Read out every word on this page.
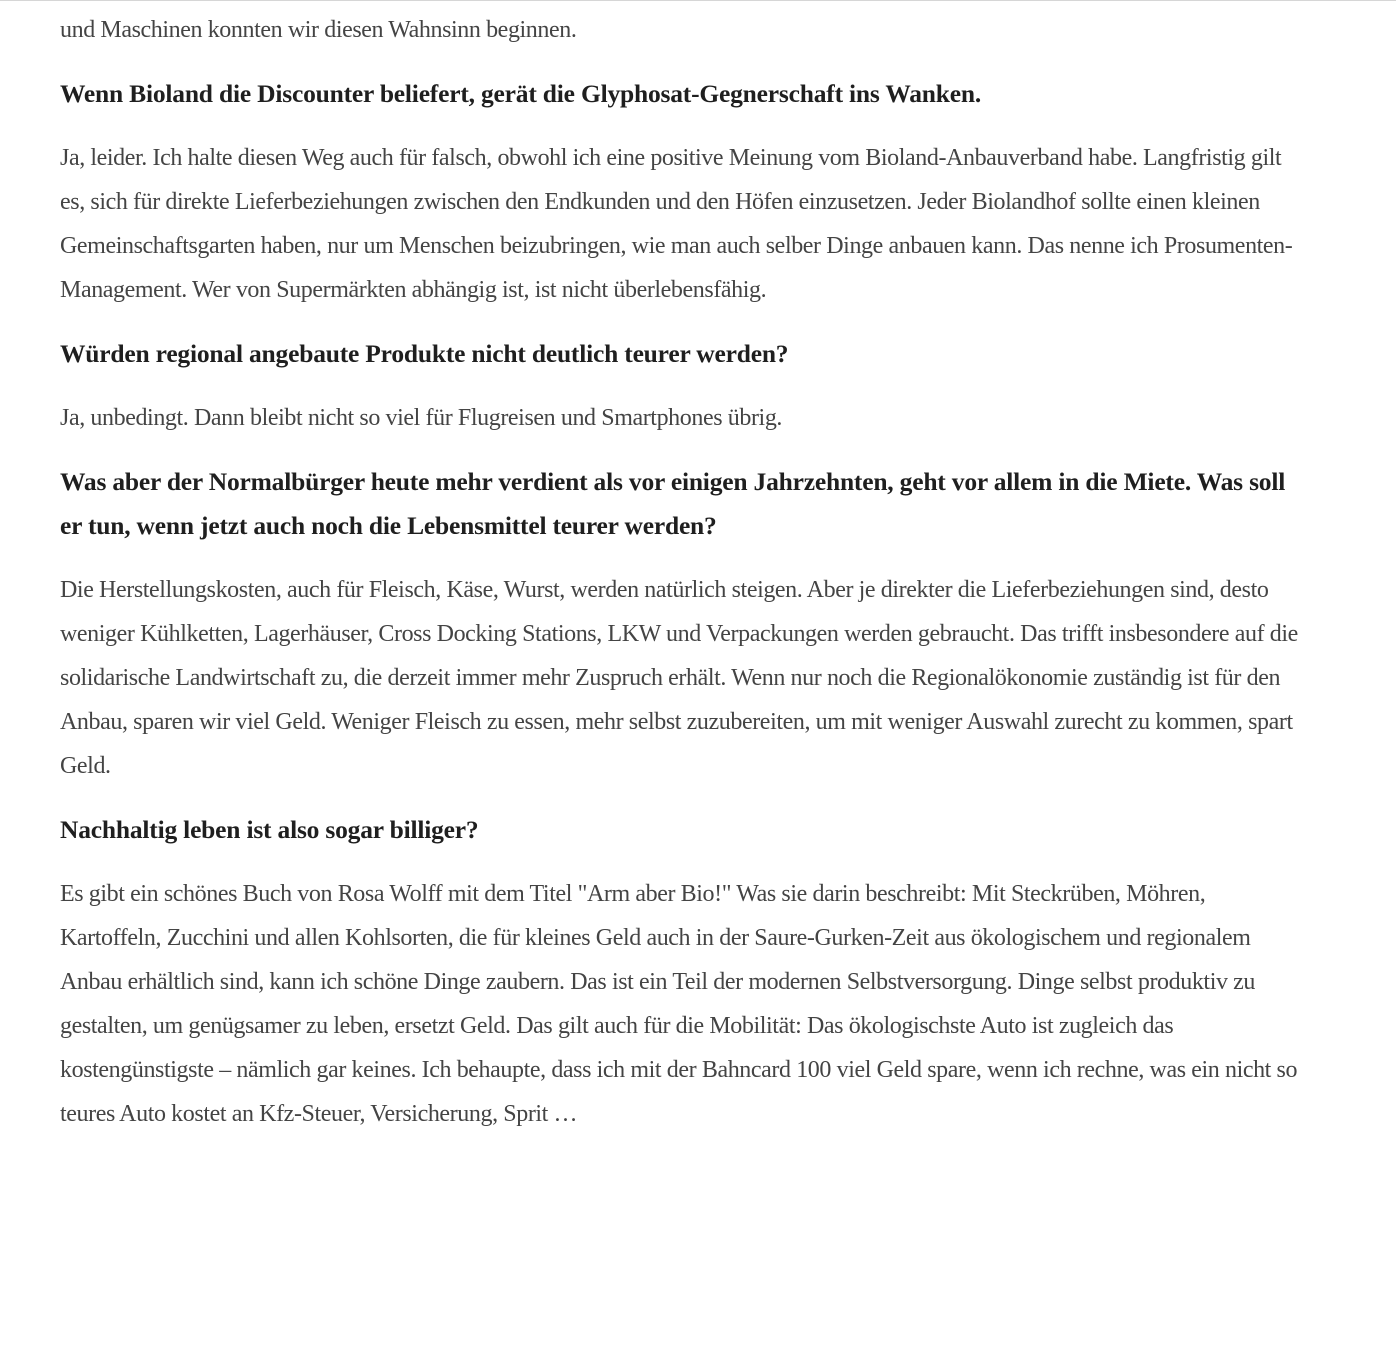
und Maschinen konnten wir diesen Wahnsinn beginnen.

Wenn Bioland die Discounter beliefert, gerät die Glyphosat-Gegnerschaft ins Wanken.

Ja, leider. Ich halte diesen Weg auch für falsch, obwohl ich eine positive Meinung vom Bioland-Anbauverband habe. Langfristig gilt es, sich für direkte Lieferbeziehungen zwischen den Endkunden und den Höfen einzusetzen. Jeder Biolandhof sollte einen kleinen Gemeinschaftsgarten haben, nur um Menschen beizubringen, wie man auch selber Dinge anbauen kann. Das nenne ich Prosumenten-Management. Wer von Supermärkten abhängig ist, ist nicht überlebensfähig.

Würden regional angebaute Produkte nicht deutlich teurer werden?

Ja, unbedingt. Dann bleibt nicht so viel für Flugreisen und Smartphones übrig.

Was aber der Normalbürger heute mehr verdient als vor einigen Jahrzehnten, geht vor allem in die Miete. Was soll er tun, wenn jetzt auch noch die Lebensmittel teurer werden?

Die Herstellungskosten, auch für Fleisch, Käse, Wurst, werden natürlich steigen. Aber je direkter die Lieferbeziehungen sind, desto weniger Kühlketten, Lagerhäuser, Cross Docking Stations, LKW und Verpackungen werden gebraucht. Das trifft insbesondere auf die solidarische Landwirtschaft zu, die derzeit immer mehr Zuspruch erhält. Wenn nur noch die Regionalökonomie zuständig ist für den Anbau, sparen wir viel Geld. Weniger Fleisch zu essen, mehr selbst zuzubereiten, um mit weniger Auswahl zurecht zu kommen, spart Geld.

Nachhaltig leben ist also sogar billiger?

Es gibt ein schönes Buch von Rosa Wolff mit dem Titel "Arm aber Bio!" Was sie darin beschreibt: Mit Steckrüben, Möhren, Kartoffeln, Zucchini und allen Kohlsorten, die für kleines Geld auch in der Saure-Gurken-Zeit aus ökologischem und regionalem Anbau erhältlich sind, kann ich schöne Dinge zaubern. Das ist ein Teil der modernen Selbstversorgung. Dinge selbst produktiv zu gestalten, um genügsamer zu leben, ersetzt Geld. Das gilt auch für die Mobilität: Das ökologischste Auto ist zugleich das kostengünstigste – nämlich gar keines. Ich behaupte, dass ich mit der Bahncard 100 viel Geld spare, wenn ich rechne, was ein nicht so teures Auto kostet an Kfz-Steuer, Versicherung, Sprit …
